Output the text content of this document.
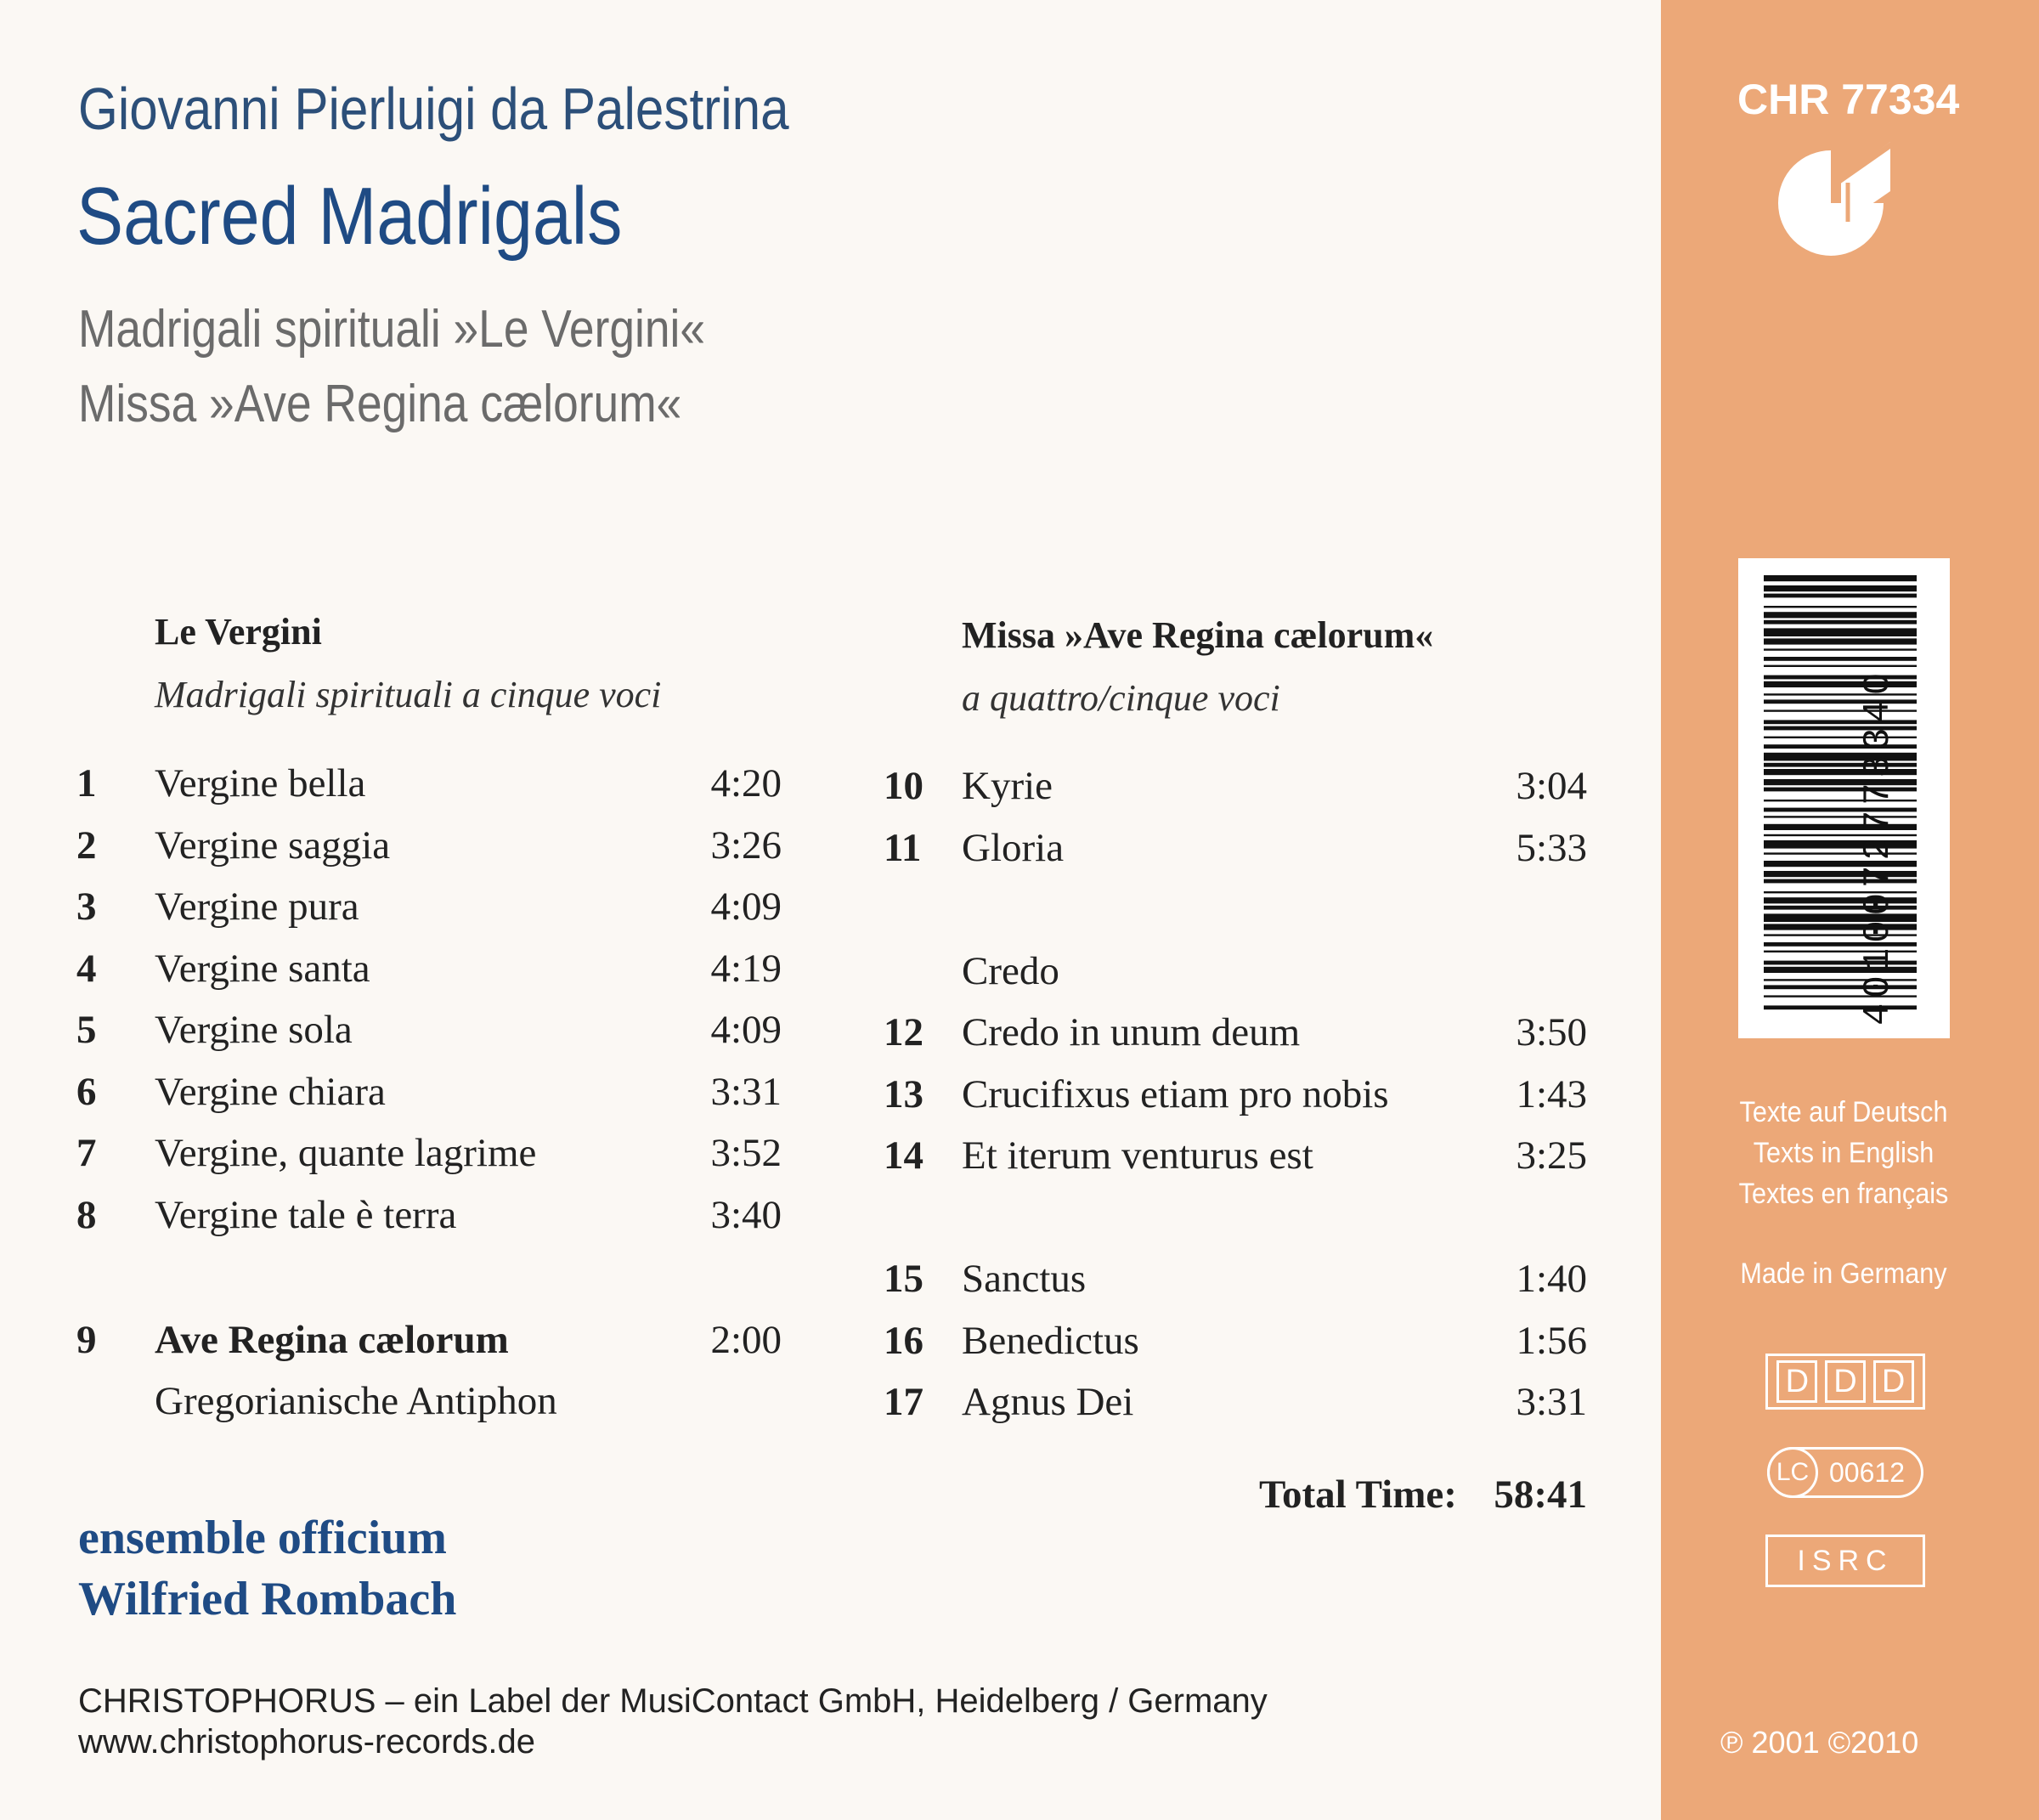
Giovanni Pierluigi da Palestrina
Sacred Madrigals
Madrigali spirituali »Le Vergini«
Missa »Ave Regina cælorum«
Le Vergini
Madrigali spirituali a cinque voci
1 Vergine bella	4:20
2 Vergine saggia	3:26
3 Vergine pura	4:09
4 Vergine santa	4:19
5 Vergine sola	4:09
6 Vergine chiara	3:31
7 Vergine, quante lagrime	3:52
8 Vergine tale è terra	3:40
9 Ave Regina cælorum	2:00
Gregorianische Antiphon
Missa »Ave Regina cælorum«
a quattro/cinque voci
10 Kyrie	3:04
11 Gloria	5:33
Credo
12 Credo in unum deum	3:50
13 Crucifixus etiam pro nobis	1:43
14 Et iterum venturus est	3:25
15 Sanctus	1:40
16 Benedictus	1:56
17 Agnus Dei	3:31
Total Time: 58:41
ensemble officium
Wilfried Rombach
CHRISTOPHORUS – ein Label der MusiContact GmbH, Heidelberg / Germany
www.christophorus-records.de
CHR 77334
4010072773340
Texte auf Deutsch
Texts in English
Textes en français
Made in Germany
D D D
LC 00612
ISRC
℗ 2001 ©2010
